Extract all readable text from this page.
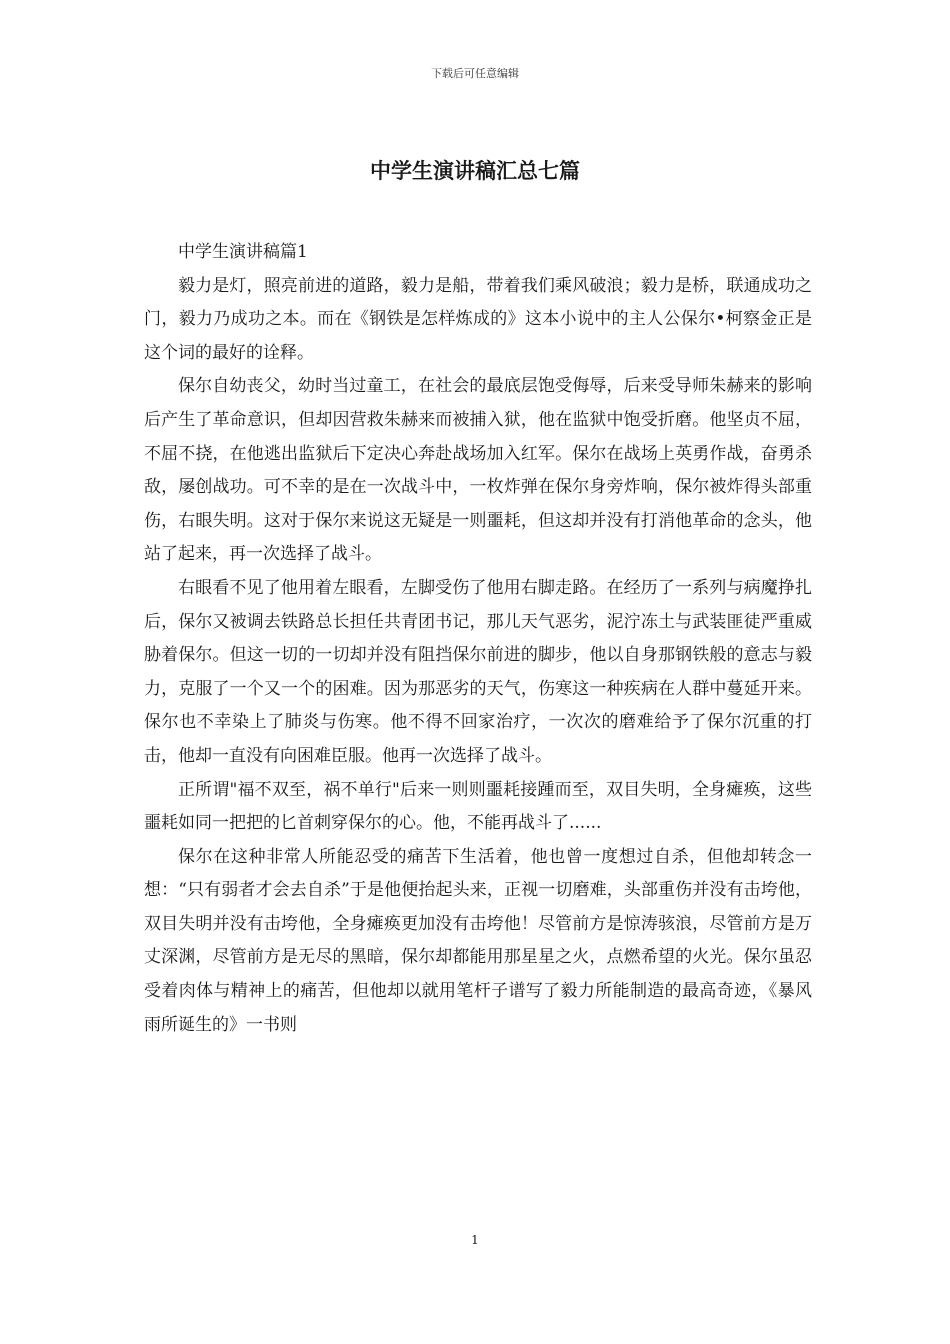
下载后可任意编辑
中学生演讲稿汇总七篇

中学生演讲稿篇1

毅力是灯，照亮前进的道路，毅力是船，带着我们乘风破浪；毅力是桥，联通成功之门，毅力乃成功之本。而在《钢铁是怎样炼成的》这本小说中的主人公保尔•柯察金正是这个词的最好的诠释。

保尔自幼丧父，幼时当过童工，在社会的最底层饱受侮辱，后来受导师朱赫来的影响后产生了革命意识，但却因营救朱赫来而被捕入狱，他在监狱中饱受折磨。他坚贞不屈，不屈不挠，在他逃出监狱后下定决心奔赴战场加入红军。保尔在战场上英勇作战，奋勇杀敌，屡创战功。可不幸的是在一次战斗中，一枚炸弹在保尔身旁炸响，保尔被炸得头部重伤，右眼失明。这对于保尔来说这无疑是一则噩耗，但这却并没有打消他革命的念头，他站了起来，再一次选择了战斗。

右眼看不见了他用着左眼看，左脚受伤了他用右脚走路。在经历了一系列与病魔挣扎后，保尔又被调去铁路总长担任共青团书记，那儿天气恶劣，泥泞冻土与武装匪徒严重威胁着保尔。但这一切的一切却并没有阻挡保尔前进的脚步，他以自身那钢铁般的意志与毅力，克服了一个又一个的困难。因为那恶劣的天气，伤寒这一种疾病在人群中蔓延开来。保尔也不幸染上了肺炎与伤寒。他不得不回家治疗，一次次的磨难给予了保尔沉重的打击，他却一直没有向困难臣服。他再一次选择了战斗。

正所谓"福不双至，祸不单行"后来一则则噩耗接踵而至，双目失明，全身瘫痪，这些噩耗如同一把把的匕首刺穿保尔的心。他，不能再战斗了......

保尔在这种非常人所能忍受的痛苦下生活着，他也曾一度想过自杀，但他却转念一想：“只有弱者才会去自杀”于是他便抬起头来，正视一切磨难，头部重伤并没有击垮他，双目失明并没有击垮他，全身瘫痪更加没有击垮他！尽管前方是惊涛骇浪，尽管前方是万丈深渊，尽管前方是无尽的黑暗，保尔却都能用那星星之火，点燃希望的火光。保尔虽忍受着肉体与精神上的痛苦，但他却以就用笔杆子谱写了毅力所能制造的最高奇迹，《暴风雨所诞生的》一书则

1
